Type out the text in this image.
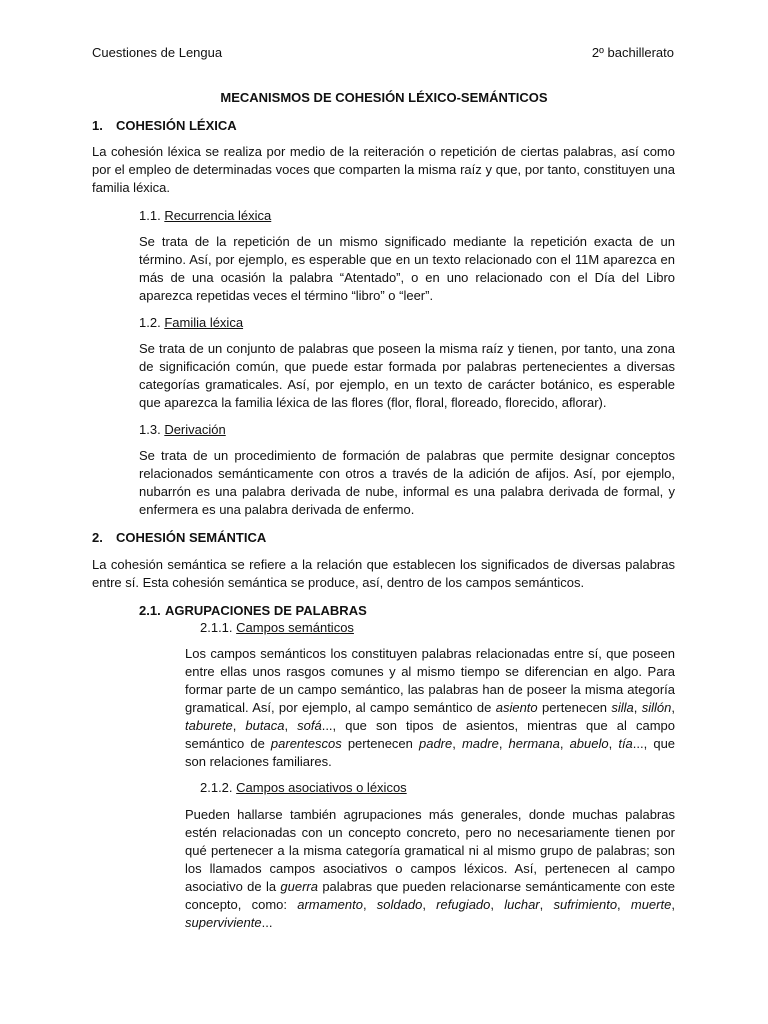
Cuestiones de Lengua	2º bachillerato
MECANISMOS DE COHESIÓN LÉXICO-SEMÁNTICOS
1. COHESIÓN LÉXICA
La cohesión léxica se realiza por medio de la reiteración o repetición de ciertas palabras, así como por el empleo de determinadas voces que comparten la misma raíz y que, por tanto, constituyen una familia léxica.
1.1. Recurrencia léxica
Se trata de la repetición de un mismo significado mediante la repetición exacta de un término. Así, por ejemplo, es esperable que en un texto relacionado con el 11M aparezca en más de una ocasión la palabra “Atentado”, o en uno relacionado con el Día del Libro aparezca repetidas veces el término “libro” o “leer”.
1.2. Familia léxica
Se trata de un conjunto de palabras que poseen la misma raíz y tienen, por tanto, una zona de significación común, que puede estar formada por palabras pertenecientes a diversas categorías gramaticales. Así, por ejemplo, en un texto de carácter botánico, es esperable que aparezca la familia léxica de las flores (flor, floral, floreado, florecido, aflorar).
1.3. Derivación
Se trata de un procedimiento de formación de palabras que permite designar conceptos relacionados semánticamente con otros a través de la adición de afijos. Así, por ejemplo, nubarrón es una palabra derivada de nube, informal es una palabra derivada de formal, y enfermera es una palabra derivada de enfermo.
2. COHESIÓN SEMÁNTICA
La cohesión semántica se refiere a la relación que establecen los significados de diversas palabras entre sí. Esta cohesión semántica se produce, así, dentro de los campos semánticos.
2.1. AGRUPACIONES DE PALABRAS
2.1.1. Campos semánticos
Los campos semánticos los constituyen palabras relacionadas entre sí, que poseen entre ellas unos rasgos comunes y al mismo tiempo se diferencian en algo. Para formar parte de un campo semántico, las palabras han de poseer la misma ategoría gramatical. Así, por ejemplo, al campo semántico de asiento pertenecen silla, sillón, taburete, butaca, sofá..., que son tipos de asientos, mientras que al campo semántico de parentescos pertenecen padre, madre, hermana, abuelo, tía..., que son relaciones familiares.
2.1.2. Campos asociativos o léxicos
Pueden hallarse también agrupaciones más generales, donde muchas palabras estén relacionadas con un concepto concreto, pero no necesariamente tienen por qué pertenecer a la misma categoría gramatical ni al mismo grupo de palabras; son los llamados campos asociativos o campos léxicos. Así, pertenecen al campo asociativo de la guerra palabras que pueden relacionarse semánticamente con este concepto, como: armamento, soldado, refugiado, luchar, sufrimiento, muerte, superviviente...
